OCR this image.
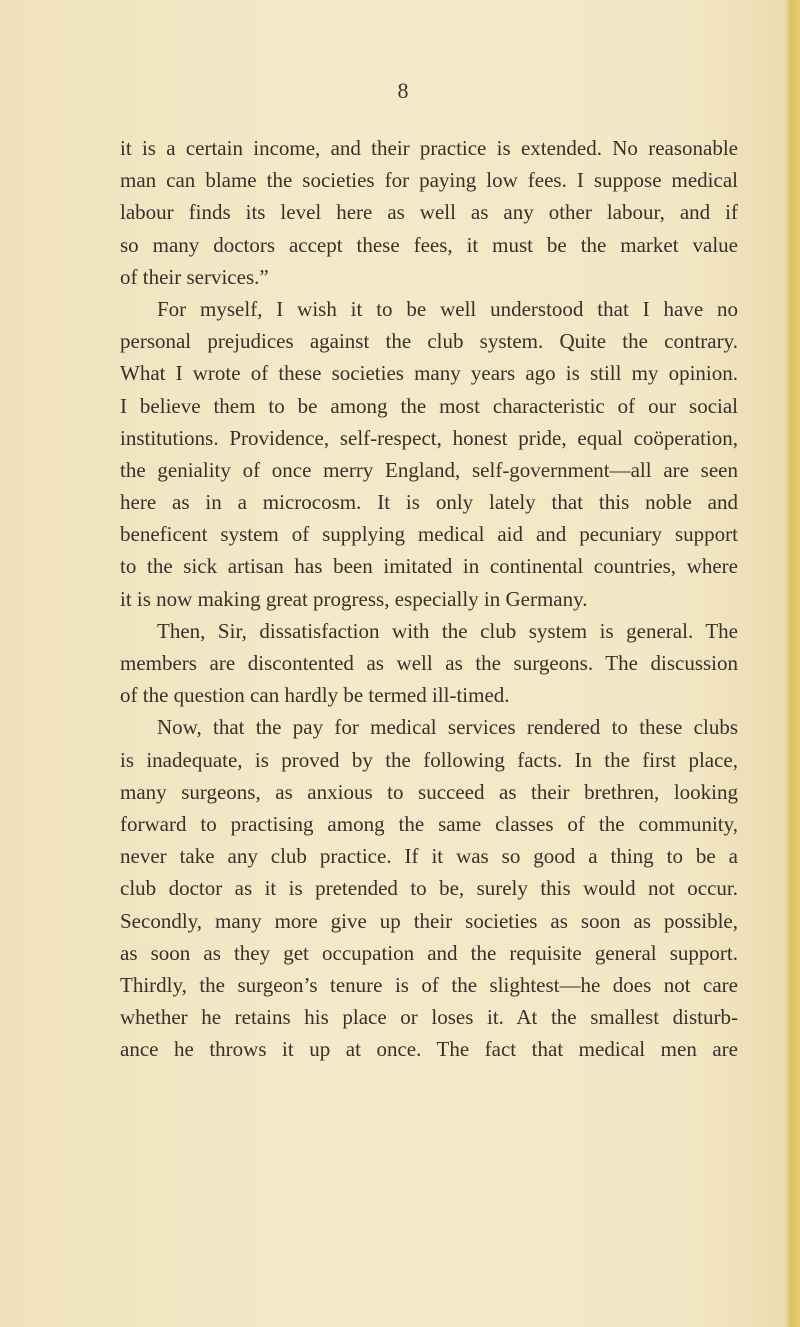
8
it is a certain income, and their practice is extended. No reasonable
man can blame the societies for paying low fees. I suppose medical
labour finds its level here as well as any other labour, and if
so many doctors accept these fees, it must be the market value
of their services.”
For myself, I wish it to be well understood that I have no
personal prejudices against the club system. Quite the contrary.
What I wrote of these societies many years ago is still my opinion.
I believe them to be among the most characteristic of our social
institutions. Providence, self-respect, honest pride, equal coöperation,
the geniality of once merry England, self-government—all are seen
here as in a microcosm. It is only lately that this noble and
beneficent system of supplying medical aid and pecuniary support
to the sick artisan has been imitated in continental countries, where
it is now making great progress, especially in Germany.
Then, Sir, dissatisfaction with the club system is general. The
members are discontented as well as the surgeons. The discussion
of the question can hardly be termed ill-timed.
Now, that the pay for medical services rendered to these clubs
is inadequate, is proved by the following facts. In the first place,
many surgeons, as anxious to succeed as their brethren, looking
forward to practising among the same classes of the community,
never take any club practice. If it was so good a thing to be a
club doctor as it is pretended to be, surely this would not occur.
Secondly, many more give up their societies as soon as possible,
as soon as they get occupation and the requisite general support.
Thirdly, the surgeon’s tenure is of the slightest—he does not care
whether he retains his place or loses it. At the smallest disturb-
ance he throws it up at once. The fact that medical men are
